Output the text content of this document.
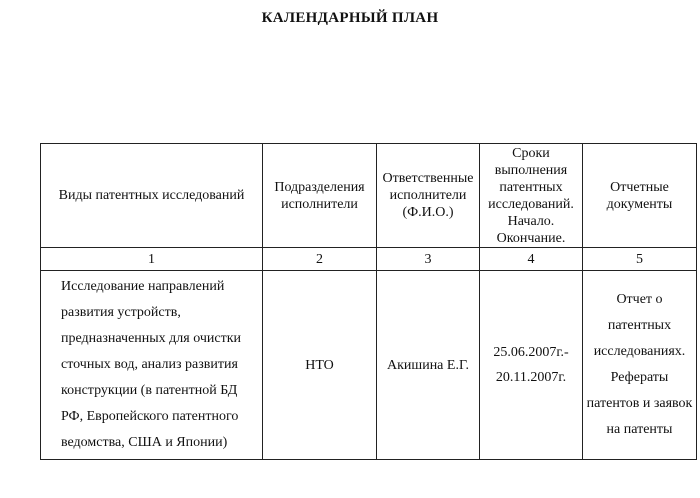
КАЛЕНДАРНЫЙ ПЛАН
Виды патентных исследований	Подразделения исполнители	Ответственные исполнители (Ф.И.О.)	Сроки выполнения патентных исследований. Начало. Окончание.	Отчетные документы
1	2	3	4	5
Исследование направлений развития устройств, предназначенных для очистки сточных вод, анализ развития конструкции (в патентной БД РФ, Европейского патентного ведомства, США и Японии)	НТО	Акишина Е.Г.	25.06.2007г.- 20.11.2007г.	Отчет о патентных исследованиях. Рефераты патентов и заявок на патенты
